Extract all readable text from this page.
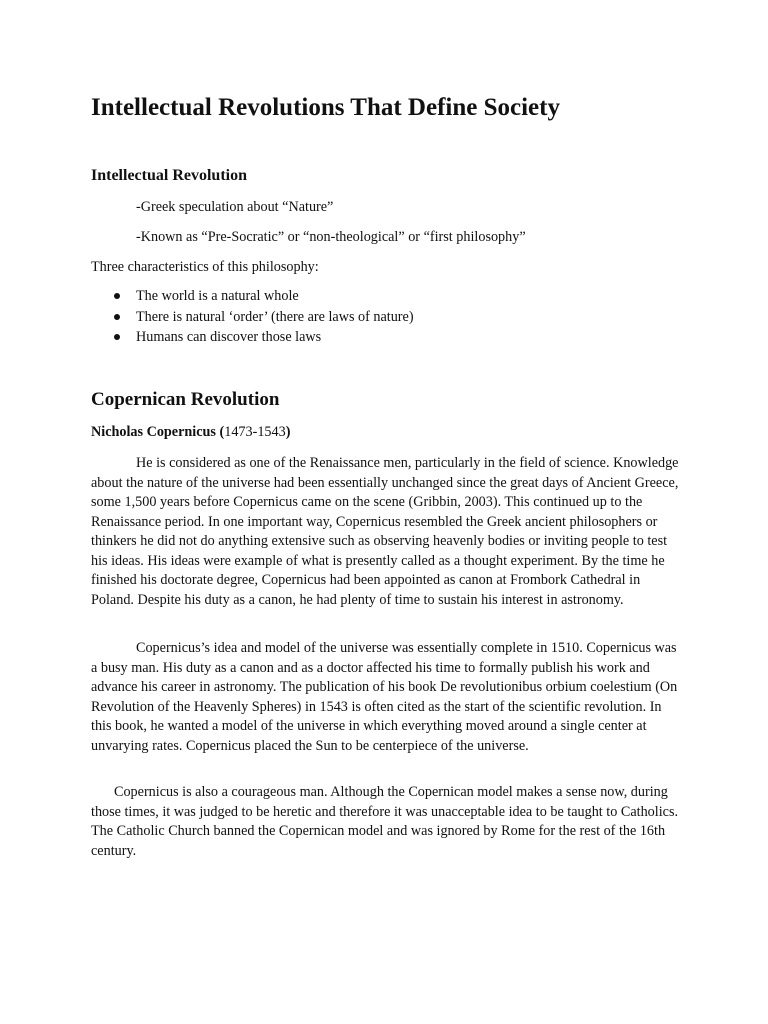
Intellectual Revolutions That Define Society
Intellectual Revolution

-Greek speculation about “Nature”

-Known as “Pre-Socratic” or “non-theological” or “first philosophy”

Three characteristics of this philosophy:

The world is a natural whole
There is natural ‘order’ (there are laws of nature)
Humans can discover those laws
Copernican Revolution

Nicholas Copernicus (1473-1543)

He is considered as one of the Renaissance men, particularly in the field of science. Knowledge about the nature of the universe had been essentially unchanged since the great days of Ancient Greece, some 1,500 years before Copernicus came on the scene (Gribbin, 2003). This continued up to the Renaissance period. In one important way, Copernicus resembled the Greek ancient philosophers or thinkers he did not do anything extensive such as observing heavenly bodies or inviting people to test his ideas. His ideas were example of what is presently called as a thought experiment. By the time he finished his doctorate degree, Copernicus had been appointed as canon at Frombork Cathedral in Poland. Despite his duty as a canon, he had plenty of time to sustain his interest in astronomy.

Copernicus’s idea and model of the universe was essentially complete in 1510. Copernicus was a busy man. His duty as a canon and as a doctor affected his time to formally publish his work and advance his career in astronomy. The publication of his book De revolutionibus orbium coelestium (On Revolution of the Heavenly Spheres) in 1543 is often cited as the start of the scientific revolution. In this book, he wanted a model of the universe in which everything moved around a single center at unvarying rates. Copernicus placed the Sun to be centerpiece of the universe.

Copernicus is also a courageous man. Although the Copernican model makes a sense now, during those times, it was judged to be heretic and therefore it was unacceptable idea to be taught to Catholics. The Catholic Church banned the Copernican model and was ignored by Rome for the rest of the 16th century.
